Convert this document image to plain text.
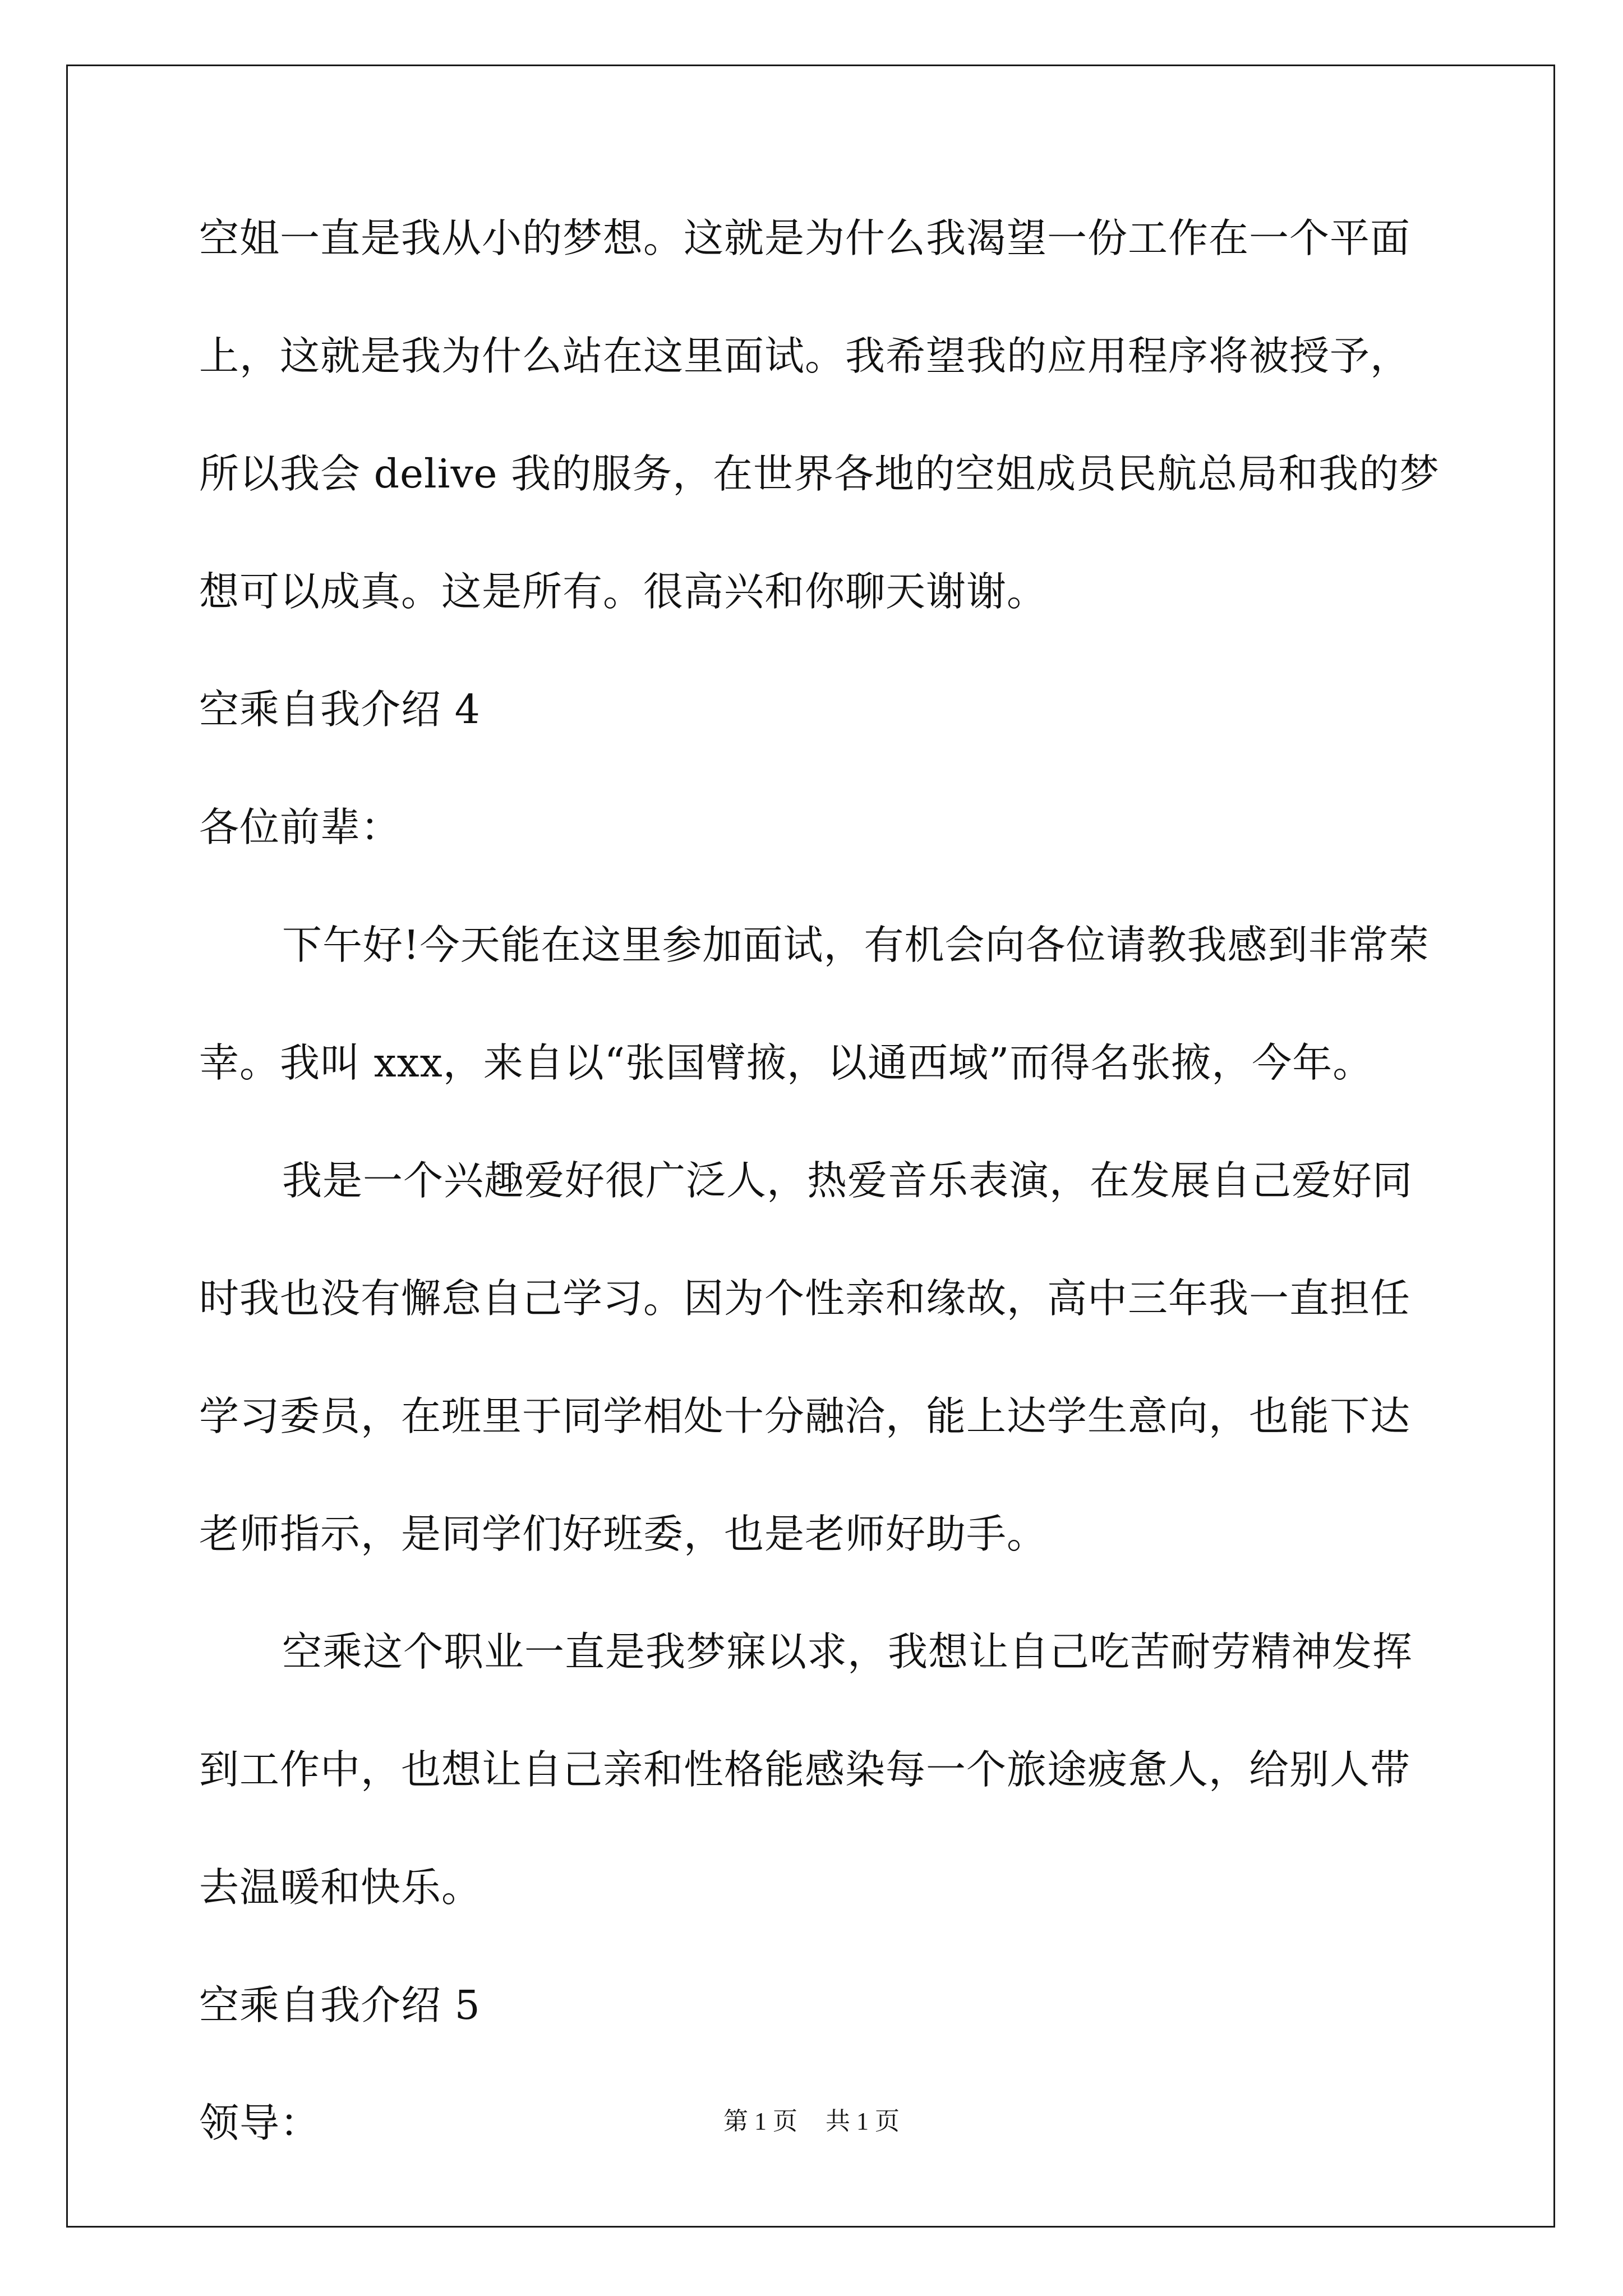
空姐一直是我从小的梦想。这就是为什么我渴望一份工作在一个平面
上，这就是我为什么站在这里面试。我希望我的应用程序将被授予，
所以我会 delive 我的服务，在世界各地的空姐成员民航总局和我的梦
想可以成真。这是所有。很高兴和你聊天谢谢。
空乘自我介绍 4
各位前辈：
下午好!今天能在这里参加面试，有机会向各位请教我感到非常荣
幸。我叫 xxx，来自以“张国臂掖，以通西域”而得名张掖，今年。
我是一个兴趣爱好很广泛人，热爱音乐表演，在发展自己爱好同
时我也没有懈怠自己学习。因为个性亲和缘故，高中三年我一直担任
学习委员，在班里于同学相处十分融洽，能上达学生意向，也能下达
老师指示，是同学们好班委，也是老师好助手。
空乘这个职业一直是我梦寐以求，我想让自己吃苦耐劳精神发挥
到工作中，也想让自己亲和性格能感染每一个旅途疲惫人，给别人带
去温暖和快乐。
空乘自我介绍 5
领导：	第 1 页 共 1 页
